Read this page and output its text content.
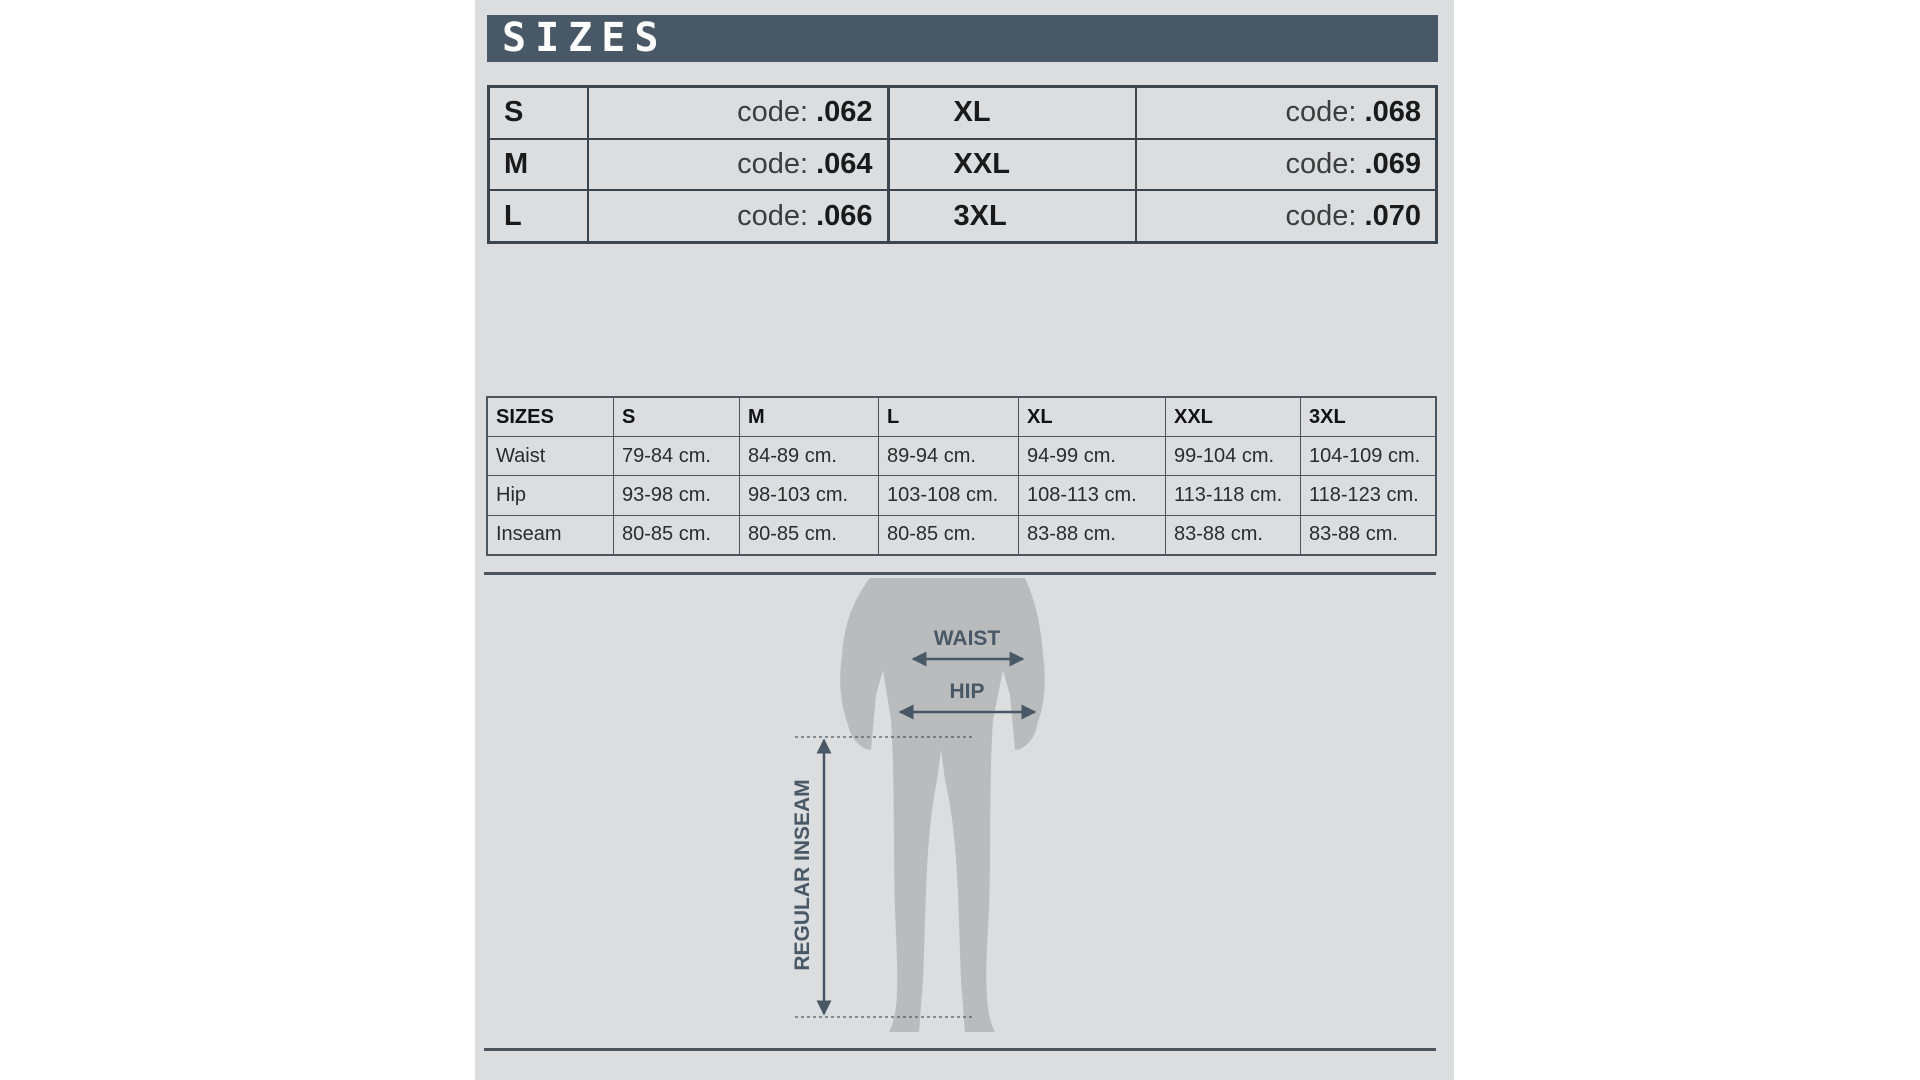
SIZES
S	code: .062	XL	code: .068
M	code: .064	XXL	code: .069
L	code: .066	3XL	code: .070
SIZES	S	M	L	XL	XXL	3XL
Waist	79-84 cm.	84-89 cm.	89-94 cm.	94-99 cm.	99-104 cm.	104-109 cm.
Hip	93-98 cm.	98-103 cm.	103-108 cm.	108-113 cm.	113-118 cm.	118-123 cm.
Inseam	80-85 cm.	80-85 cm.	80-85 cm.	83-88 cm.	83-88 cm.	83-88 cm.
WAIST
HIP
REGULAR INSEAM
